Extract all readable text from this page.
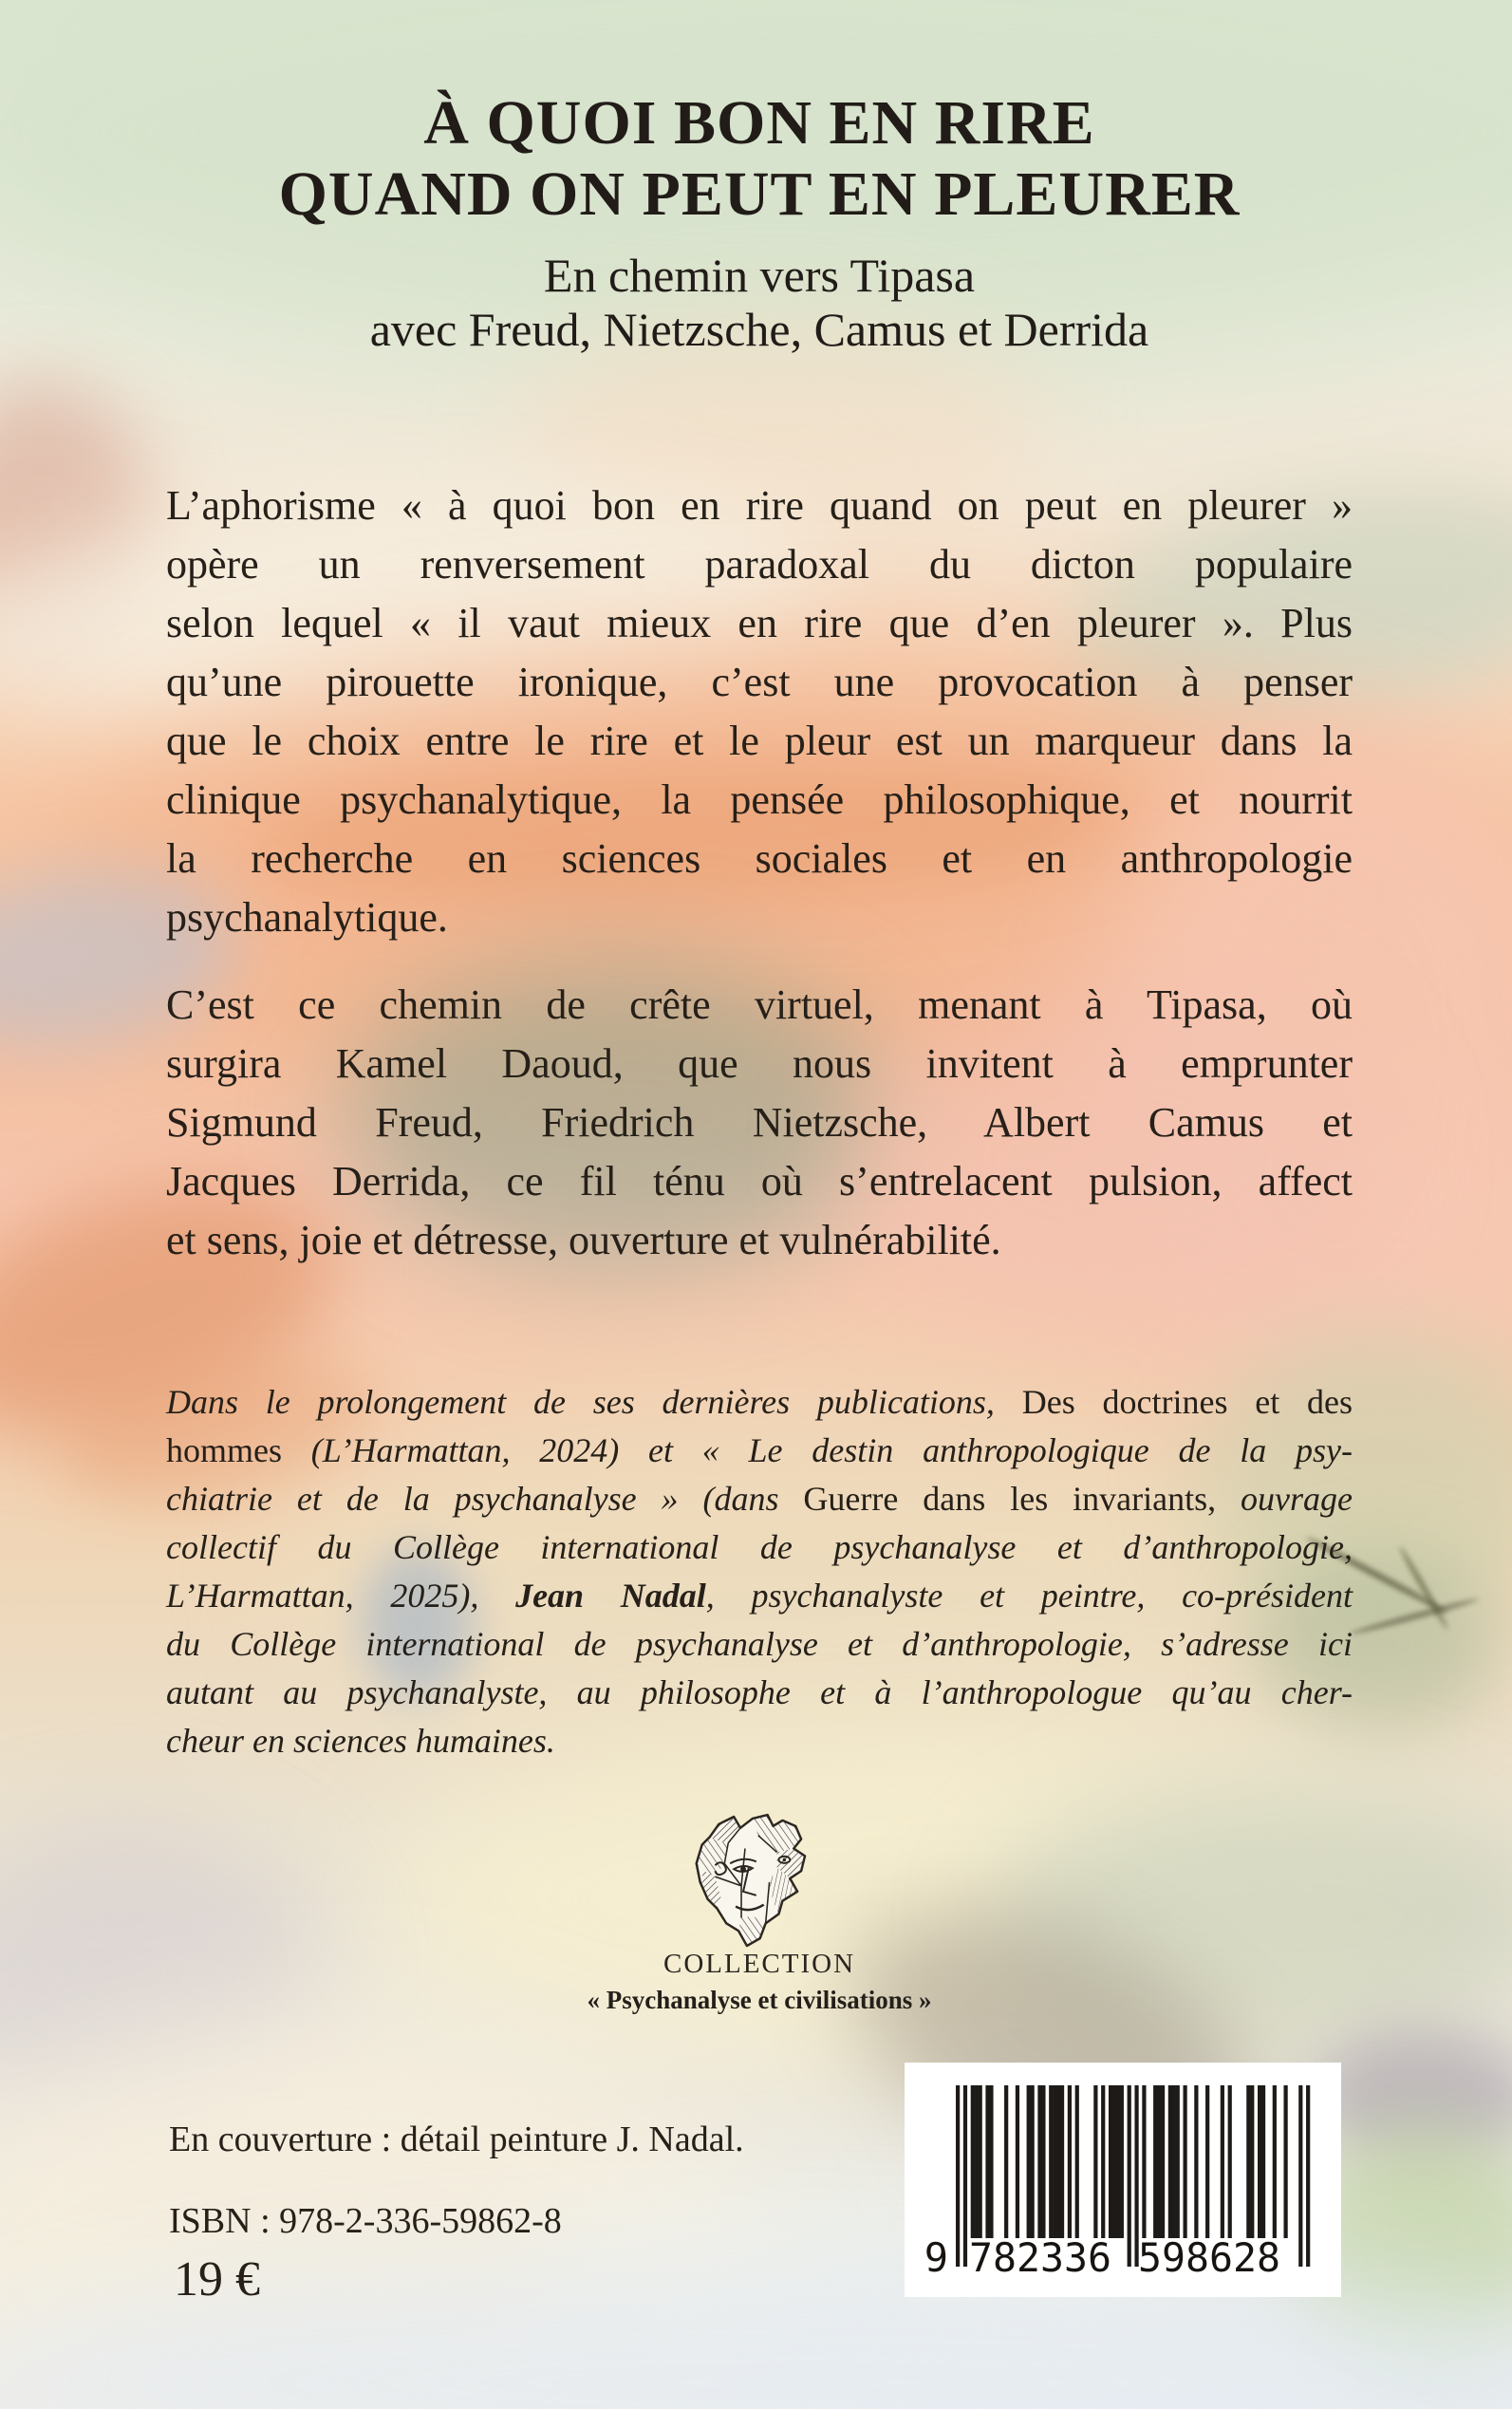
À QUOI BON EN RIRE
QUAND ON PEUT EN PLEURER
En chemin vers Tipasa
avec Freud, Nietzsche, Camus et Derrida
L’aphorisme « à quoi bon en rire quand on peut en pleurer »
opère un renversement paradoxal du dicton populaire
selon lequel « il vaut mieux en rire que d’en pleurer ». Plus
qu’une pirouette ironique, c’est une provocation à penser
que le choix entre le rire et le pleur est un marqueur dans la
clinique psychanalytique, la pensée philosophique, et nourrit
la recherche en sciences sociales et en anthropologie
psychanalytique.
C’est ce chemin de crête virtuel, menant à Tipasa, où
surgira Kamel Daoud, que nous invitent à emprunter
Sigmund Freud, Friedrich Nietzsche, Albert Camus et
Jacques Derrida, ce fil ténu où s’entrelacent pulsion, affect
et sens, joie et détresse, ouverture et vulnérabilité.
Dans le prolongement de ses dernières publications, Des doctrines et des
hommes (L’Harmattan, 2024) et « Le destin anthropologique de la psy-
chiatrie et de la psychanalyse » (dans Guerre dans les invariants, ouvrage
collectif du Collège international de psychanalyse et d’anthropologie,
L’Harmattan, 2025), Jean Nadal, psychanalyste et peintre, co-président
du Collège international de psychanalyse et d’anthropologie, s’adresse ici
autant au psychanalyste, au philosophe et à l’anthropologue qu’au cher-
cheur en sciences humaines.
COLLECTION
« Psychanalyse et civilisations »
En couverture : détail peinture J. Nadal.
ISBN : 978-2-336-59862-8
19 €	9 782336 598628
